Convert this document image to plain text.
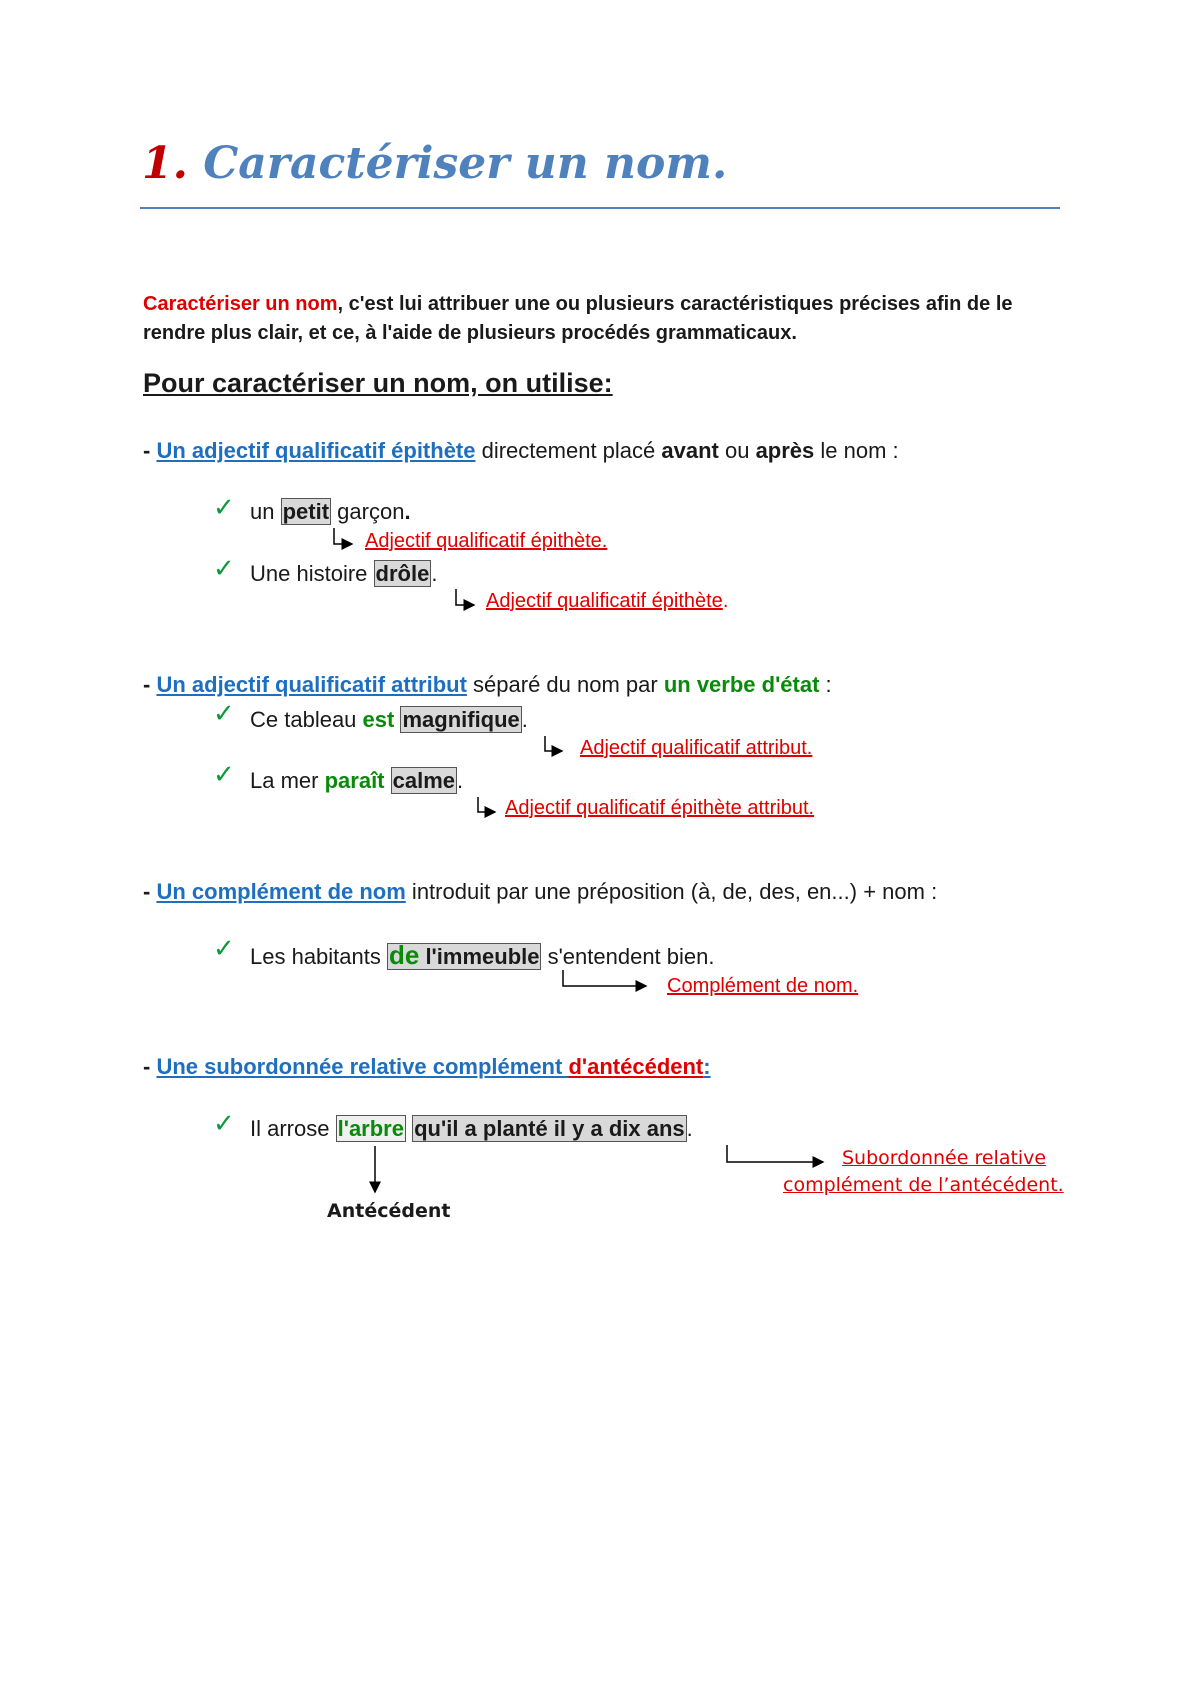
1. Caractériser un nom.
Caractériser un nom, c'est lui attribuer une ou plusieurs caractéristiques précises afin de le rendre plus clair, et ce, à l'aide de plusieurs procédés grammaticaux.
Pour caractériser un nom, on utilise:
- Un adjectif qualificatif épithète directement placé avant ou après le nom :
✓ un petit garçon.
Adjectif qualificatif épithète.
✓ Une histoire drôle.
Adjectif qualificatif épithète.
- Un adjectif qualificatif attribut séparé du nom par un verbe d'état :
✓ Ce tableau est magnifique.
Adjectif qualificatif attribut.
✓ La mer paraît calme.
Adjectif qualificatif épithète attribut.
- Un complément de nom introduit par une préposition (à, de, des, en...) + nom :
✓ Les habitants de l'immeuble s'entendent bien.
Complément de nom.
- Une subordonnée relative complément d'antécédent:
✓ Il arrose l'arbre qu'il a planté il y a dix ans.
Subordonnée relative
complément de l’antécédent.
Antécédent
